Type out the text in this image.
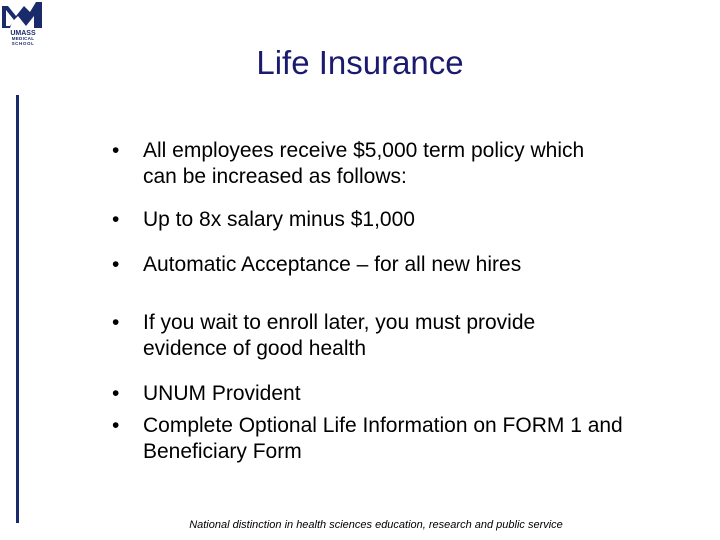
UMASS
MEDICAL
SCHOOL
Life Insurance
•	All employees receive $5,000 term policy which can be increased as follows:
•	Up to 8x salary minus $1,000
•	Automatic Acceptance – for all new hires
•	If you wait to enroll later, you must provide evidence of good health
•	UNUM Provident
•	Complete Optional Life Information on FORM 1 and Beneficiary Form
National distinction in health sciences education, research and public service
